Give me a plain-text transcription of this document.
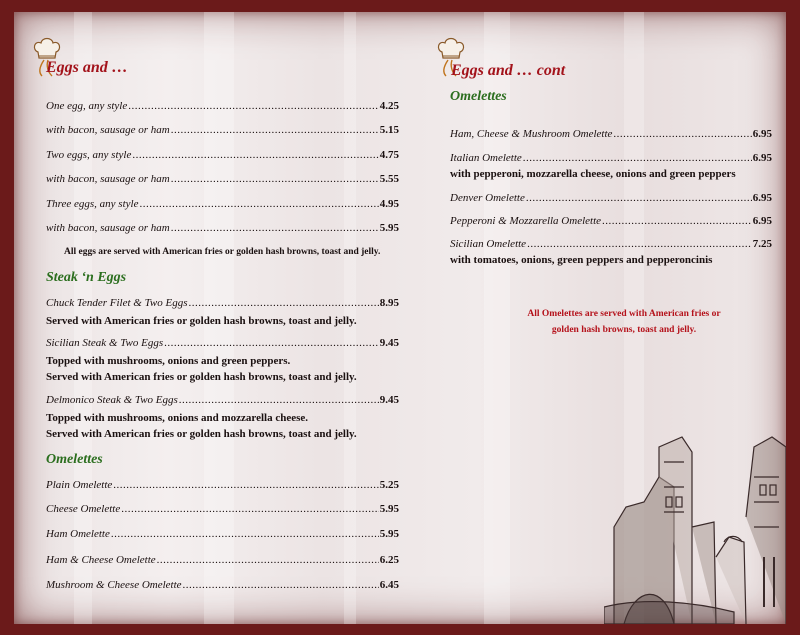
Eggs and …
One egg, any style .....	4.25
with bacon, sausage or ham .....	5.15
Two eggs, any style .....	4.75
with bacon, sausage or ham .....	5.55
Three eggs, any style .....	4.95
with bacon, sausage or ham .....	5.95
All eggs are served with American fries or golden hash browns, toast and jelly.
Steak ‘n Eggs
Chuck Tender Filet & Two Eggs .....	8.95
Served with American fries or golden hash browns, toast and jelly.
Sicilian Steak & Two Eggs .....	9.45
Topped with mushrooms, onions and green peppers.
Served with American fries or golden hash browns, toast and jelly.
Delmonico Steak & Two Eggs .....	9.45
Topped with mushrooms, onions and mozzarella cheese.
Served with American fries or golden hash browns, toast and jelly.
Omelettes
Plain Omelette .....	5.25
Cheese Omelette .....	5.95
Ham Omelette .....	5.95
Ham & Cheese Omelette .....	6.25
Mushroom & Cheese Omelette .....	6.45
Eggs and … cont
Omelettes
Ham, Cheese & Mushroom Omelette .....	6.95
Italian Omelette .....	6.95
with pepperoni, mozzarella cheese, onions and green peppers
Denver Omelette .....	6.95
Pepperoni & Mozzarella Omelette .....	6.95
Sicilian Omelette .....	7.25
with tomatoes, onions, green peppers and pepperoncinis
All Omelettes are served with American fries or
golden hash browns, toast and jelly.
